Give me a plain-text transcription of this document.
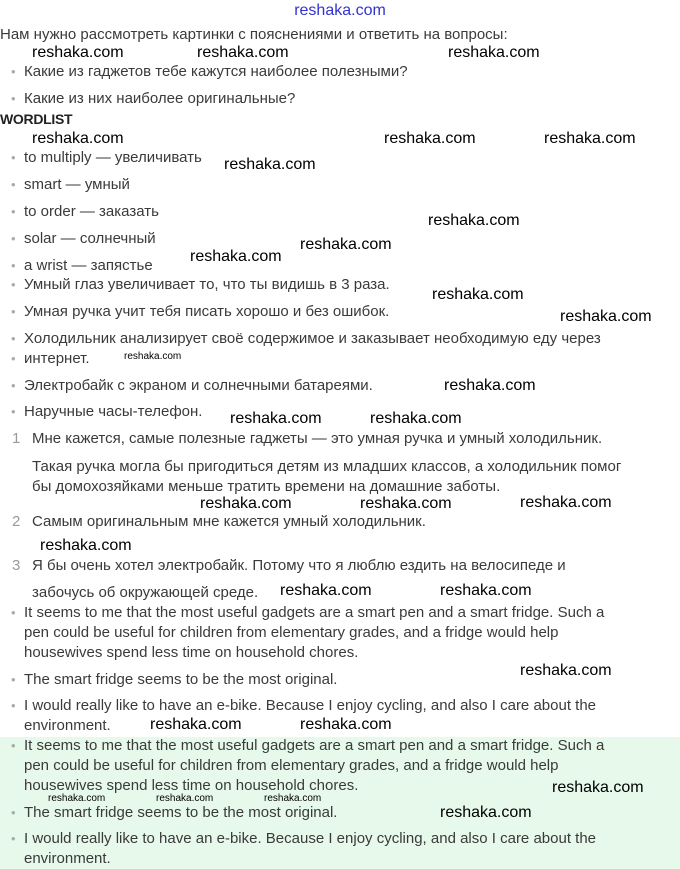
reshaka.com
Нам нужно рассмотреть картинки с пояснениями и ответить на вопросы:
• Какие из гаджетов тебе кажутся наиболее полезными?
• Какие из них наиболее оригинальные?
WORDLIST
• to multiply — увеличивать
• smart — умный
• to order — заказать
• solar — солнечный
• a wrist — запястье
• Умный глаз увеличивает то, что ты видишь в 3 раза.
• Умная ручка учит тебя писать хорошо и без ошибок.
• Холодильник анализирует своё содержимое и заказывает необходимую еду через
• интернет.
• Электробайк с экраном и солнечными батареями.
• Наручные часы-телефон.
1 Мне кажется, самые полезные гаджеты — это умная ручка и умный холодильник.
Такая ручка могла бы пригодиться детям из младших классов, а холодильник помог
бы домохозяйками меньше тратить времени на домашние заботы.
2 Самым оригинальным мне кажется умный холодильник.
3 Я бы очень хотел электробайк. Потому что я люблю ездить на велосипеде и
забочусь об окружающей среде.
• It seems to me that the most useful gadgets are a smart pen and a smart fridge. Such a
pen could be useful for children from elementary grades, and a fridge would help
housewives spend less time on household chores.
• The smart fridge seems to be the most original.
• I would really like to have an e-bike. Because I enjoy cycling, and also I care about the
environment.
• It seems to me that the most useful gadgets are a smart pen and a smart fridge. Such a
pen could be useful for children from elementary grades, and a fridge would help
housewives spend less time on household chores.
• The smart fridge seems to be the most original.
• I would really like to have an e-bike. Because I enjoy cycling, and also I care about the
environment.
reshaka.com	reshaka.com	reshaka.com
reshaka.com	reshaka.com	reshaka.com
reshaka.com
reshaka.com
reshaka.com
reshaka.com
reshaka.com
reshaka.com
reshaka.com
reshaka.com
reshaka.com	reshaka.com
reshaka.com
reshaka.com	reshaka.com
reshaka.com
reshaka.com	reshaka.com
reshaka.com
reshaka.com	reshaka.com
reshaka.com
reshaka.com
reshaka.com	reshaka.com	reshaka.com
